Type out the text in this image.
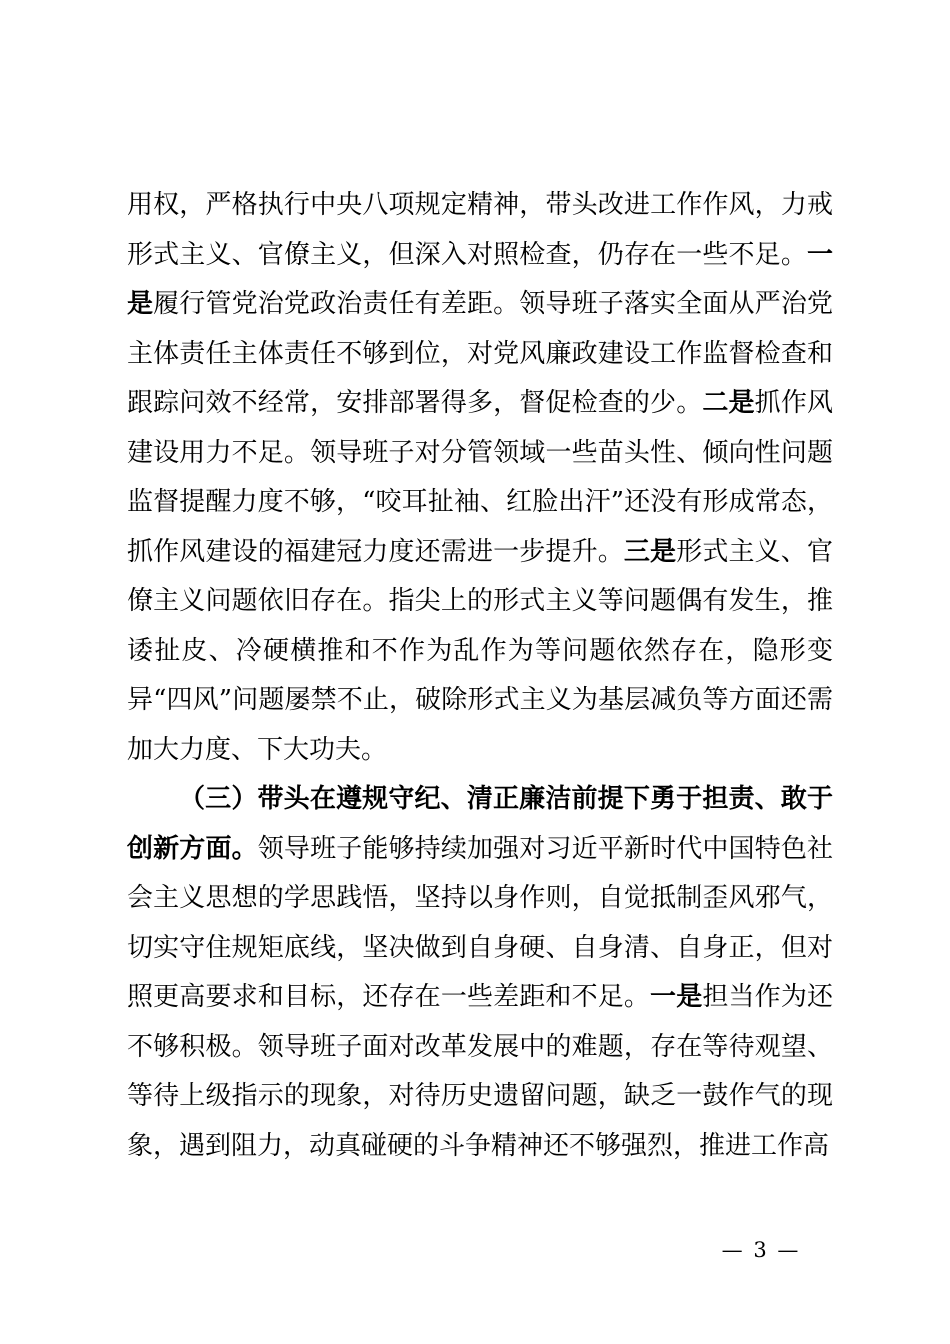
用权，严格执行中央八项规定精神，带头改进工作作风，力戒形式主义、官僚主义，但深入对照检查，仍存在一些不足。一是履行管党治党政治责任有差距。领导班子落实全面从严治党主体责任主体责任不够到位，对党风廉政建设工作监督检查和跟踪问效不经常，安排部署得多，督促检查的少。二是抓作风建设用力不足。领导班子对分管领域一些苗头性、倾向性问题监督提醒力度不够，“咬耳扯袖、红脸出汗”还没有形成常态，抓作风建设的福建冠力度还需进一步提升。三是形式主义、官僚主义问题依旧存在。指尖上的形式主义等问题偶有发生，推诿扯皮、冷硬横推和不作为乱作为等问题依然存在，隐形变异“四风”问题屡禁不止，破除形式主义为基层减负等方面还需加大力度、下大功夫。

（三）带头在遵规守纪、清正廉洁前提下勇于担责、敢于创新方面。领导班子能够持续加强对习近平新时代中国特色社会主义思想的学思践悟，坚持以身作则，自觉抵制歪风邪气，切实守住规矩底线，坚决做到自身硬、自身清、自身正，但对照更高要求和目标，还存在一些差距和不足。一是担当作为还不够积极。领导班子面对改革发展中的难题，存在等待观望、等待上级指示的现象，对待历史遗留问题，缺乏一鼓作气的现象，遇到阻力，动真碰硬的斗争精神还不够强烈，推进工作高

— 3 —
